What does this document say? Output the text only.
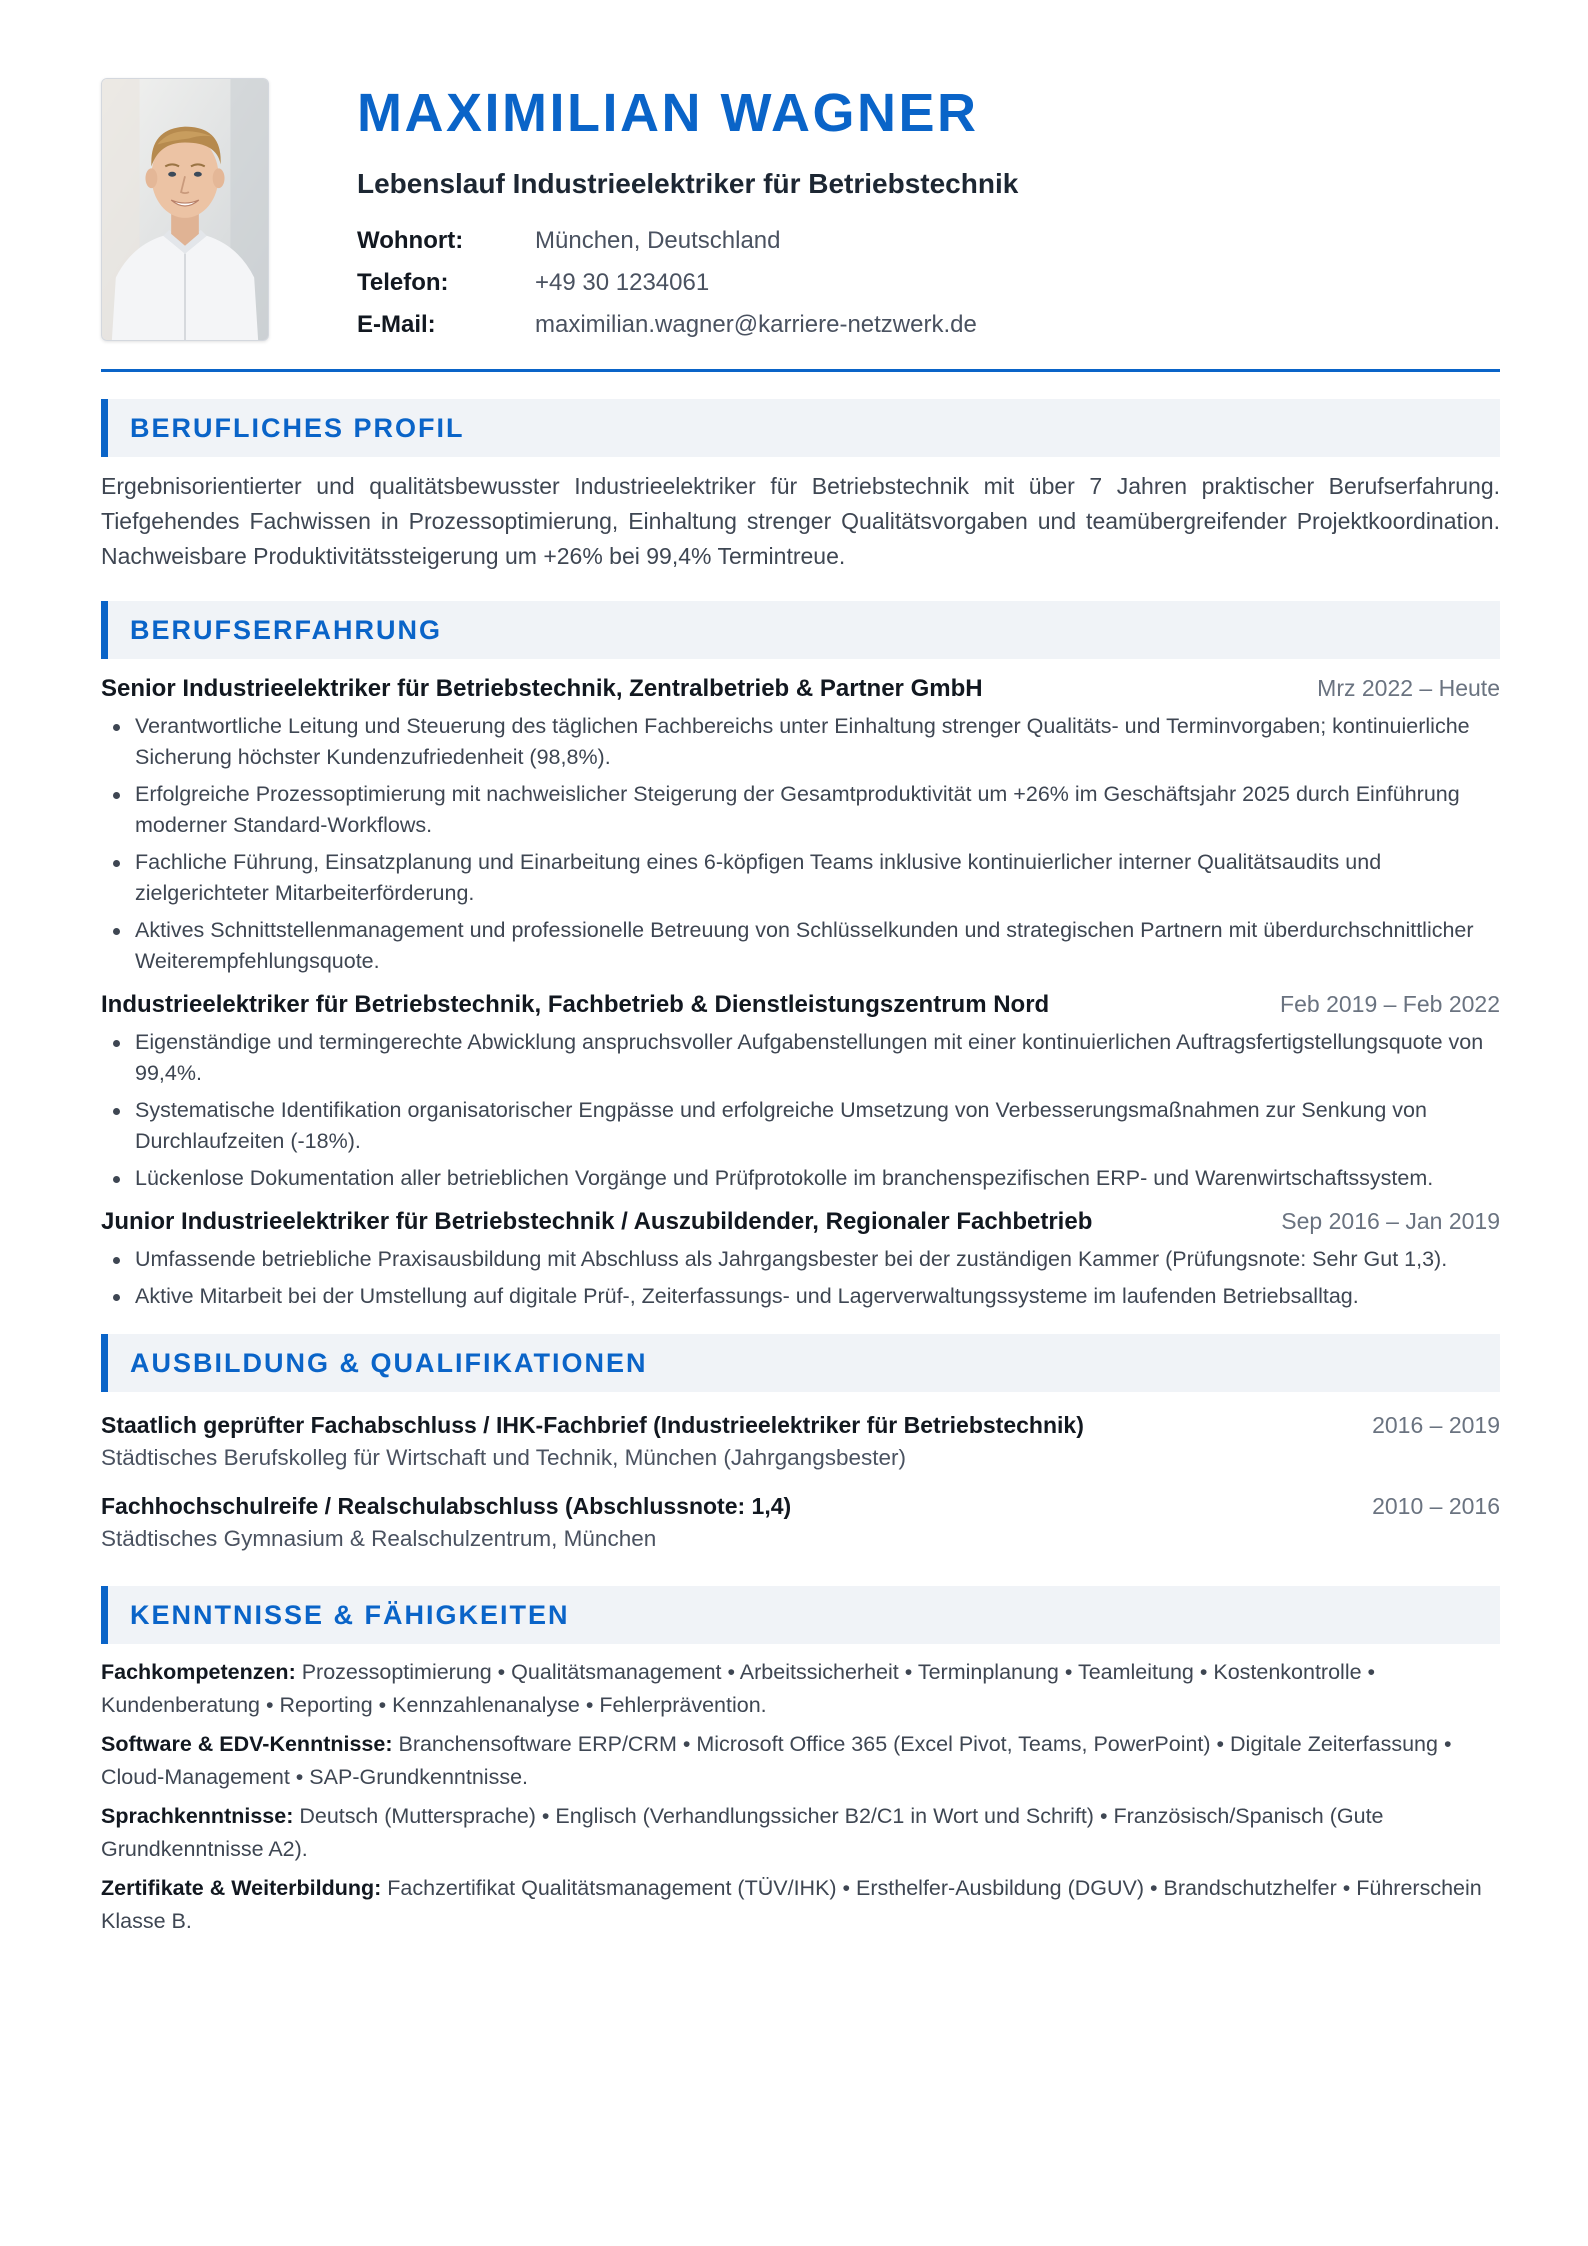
MAXIMILIAN WAGNER
Lebenslauf Industrieelektriker für Betriebstechnik
Wohnort:	München, Deutschland
Telefon:	+49 30 1234061
E-Mail:	maximilian.wagner@karriere-netzwerk.de
BERUFLICHES PROFIL

Ergebnisorientierter und qualitätsbewusster Industrieelektriker für Betriebstechnik mit über 7 Jahren praktischer Berufserfahrung. Tiefgehendes Fachwissen in Prozessoptimierung, Einhaltung strenger Qualitätsvorgaben und teamübergreifender Projektkoordination. Nachweisbare Produktivitätssteigerung um +26% bei 99,4% Termintreue.

BERUFSERFAHRUNG
Senior Industrieelektriker für Betriebstechnik, Zentralbetrieb & Partner GmbH	Mrz 2022 – Heute
Verantwortliche Leitung und Steuerung des täglichen Fachbereichs unter Einhaltung strenger Qualitäts- und Terminvorgaben; kontinuierliche Sicherung höchster Kundenzufriedenheit (98,8%).
Erfolgreiche Prozessoptimierung mit nachweislicher Steigerung der Gesamtproduktivität um +26% im Geschäftsjahr 2025 durch Einführung moderner Standard-Workflows.
Fachliche Führung, Einsatzplanung und Einarbeitung eines 6-köpfigen Teams inklusive kontinuierlicher interner Qualitätsaudits und zielgerichteter Mitarbeiterförderung.
Aktives Schnittstellenmanagement und professionelle Betreuung von Schlüsselkunden und strategischen Partnern mit überdurchschnittlicher Weiterempfehlungsquote.
Industrieelektriker für Betriebstechnik, Fachbetrieb & Dienstleistungszentrum Nord	Feb 2019 – Feb 2022
Eigenständige und termingerechte Abwicklung anspruchsvoller Aufgabenstellungen mit einer kontinuierlichen Auftragsfertigstellungsquote von 99,4%.
Systematische Identifikation organisatorischer Engpässe und erfolgreiche Umsetzung von Verbesserungsmaßnahmen zur Senkung von Durchlaufzeiten (-18%).
Lückenlose Dokumentation aller betrieblichen Vorgänge und Prüfprotokolle im branchenspezifischen ERP- und Warenwirtschaftssystem.
Junior Industrieelektriker für Betriebstechnik / Auszubildender, Regionaler Fachbetrieb	Sep 2016 – Jan 2019
Umfassende betriebliche Praxisausbildung mit Abschluss als Jahrgangsbester bei der zuständigen Kammer (Prüfungsnote: Sehr Gut 1,3).
Aktive Mitarbeit bei der Umstellung auf digitale Prüf-, Zeiterfassungs- und Lagerverwaltungssysteme im laufenden Betriebsalltag.
AUSBILDUNG & QUALIFIKATIONEN
Staatlich geprüfter Fachabschluss / IHK-Fachbrief (Industrieelektriker für Betriebstechnik)	2016 – 2019
Städtisches Berufskolleg für Wirtschaft und Technik, München (Jahrgangsbester)
Fachhochschulreife / Realschulabschluss (Abschlussnote: 1,4)	2010 – 2016
Städtisches Gymnasium & Realschulzentrum, München
KENNTNISSE & FÄHIGKEITEN

Fachkompetenzen: Prozessoptimierung • Qualitätsmanagement • Arbeitssicherheit • Terminplanung • Teamleitung • Kostenkontrolle • Kundenberatung • Reporting • Kennzahlenanalyse • Fehlerprävention.

Software & EDV-Kenntnisse: Branchensoftware ERP/CRM • Microsoft Office 365 (Excel Pivot, Teams, PowerPoint) • Digitale Zeiterfassung • Cloud-Management • SAP-Grundkenntnisse.

Sprachkenntnisse: Deutsch (Muttersprache) • Englisch (Verhandlungssicher B2/C1 in Wort und Schrift) • Französisch/Spanisch (Gute Grundkenntnisse A2).

Zertifikate & Weiterbildung: Fachzertifikat Qualitätsmanagement (TÜV/IHK) • Ersthelfer-Ausbildung (DGUV) • Brandschutzhelfer • Führerschein Klasse B.
